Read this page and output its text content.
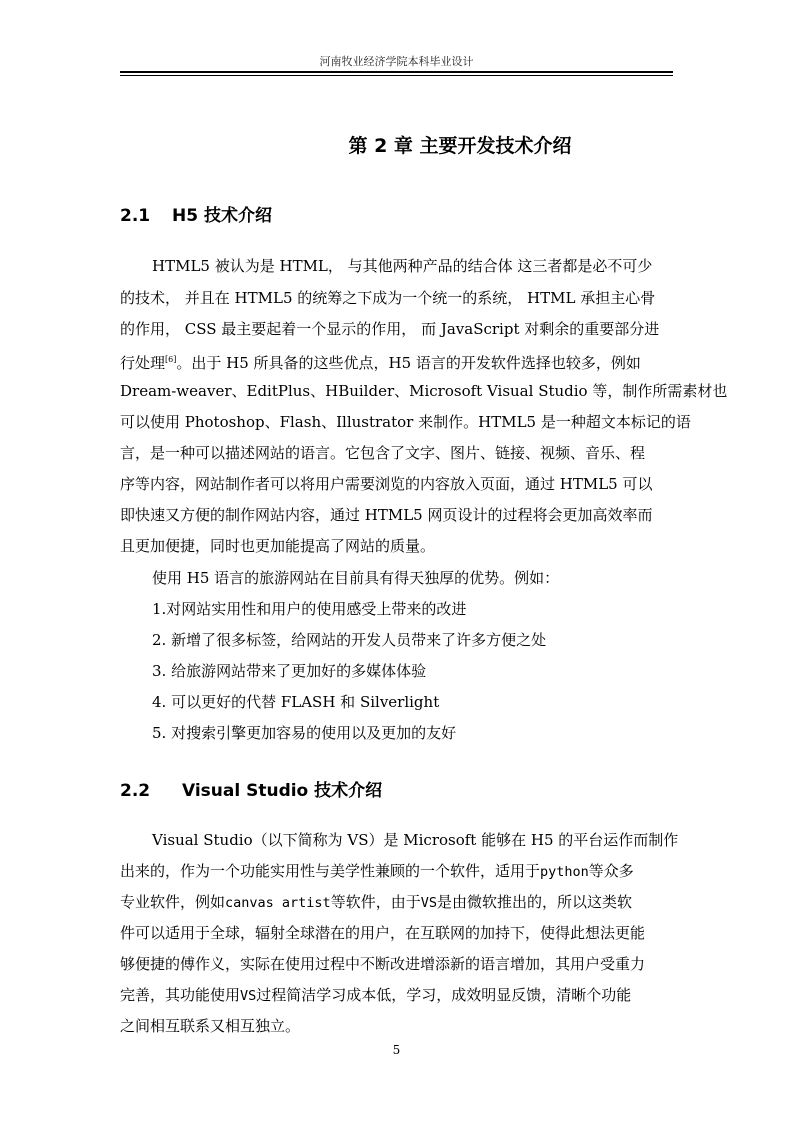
河南牧业经济学院本科毕业设计
第 2 章 主要开发技术介绍
2.1 H5 技术介绍
HTML5 被认为是 HTML， 与其他两种产品的结合体 这三者都是必不可少
的技术， 并且在 HTML5 的统筹之下成为一个统一的系统， HTML 承担主心骨
的作用， CSS 最主要起着一个显示的作用， 而 JavaScript 对剩余的重要部分进
行处理[6]。出于 H5 所具备的这些优点，H5 语言的开发软件选择也较多，例如
Dream-weaver、EditPlus、HBuilder、Microsoft Visual Studio 等，制作所需素材也
可以使用 Photoshop、Flash、Illustrator 来制作。HTML5 是一种超文本标记的语
言，是一种可以描述网站的语言。它包含了文字、图片、链接、视频、音乐、程
序等内容，网站制作者可以将用户需要浏览的内容放入页面，通过 HTML5 可以
即快速又方便的制作网站内容，通过 HTML5 网页设计的过程将会更加高效率而
且更加便捷，同时也更加能提高了网站的质量。
使用 H5 语言的旅游网站在目前具有得天独厚的优势。例如：
1.对网站实用性和用户的使用感受上带来的改进
2. 新增了很多标签，给网站的开发人员带来了许多方便之处
3. 给旅游网站带来了更加好的多媒体体验
4. 可以更好的代替 FLASH 和 Silverlight
5. 对搜索引擎更加容易的使用以及更加的友好
2.2 Visual Studio 技术介绍
Visual Studio（以下简称为 VS）是 Microsoft 能够在 H5 的平台运作而制作
出来的，作为一个功能实用性与美学性兼顾的一个软件，适用于python等众多
专业软件，例如canvas artist等软件，由于VS是由微软推出的，所以这类软
件可以适用于全球，辐射全球潜在的用户，在互联网的加持下，使得此想法更能
够便捷的傅作义，实际在使用过程中不断改进增添新的语言增加，其用户受重力
完善，其功能使用VS过程简洁学习成本低，学习，成效明显反馈，清晰个功能
之间相互联系又相互独立。
5
